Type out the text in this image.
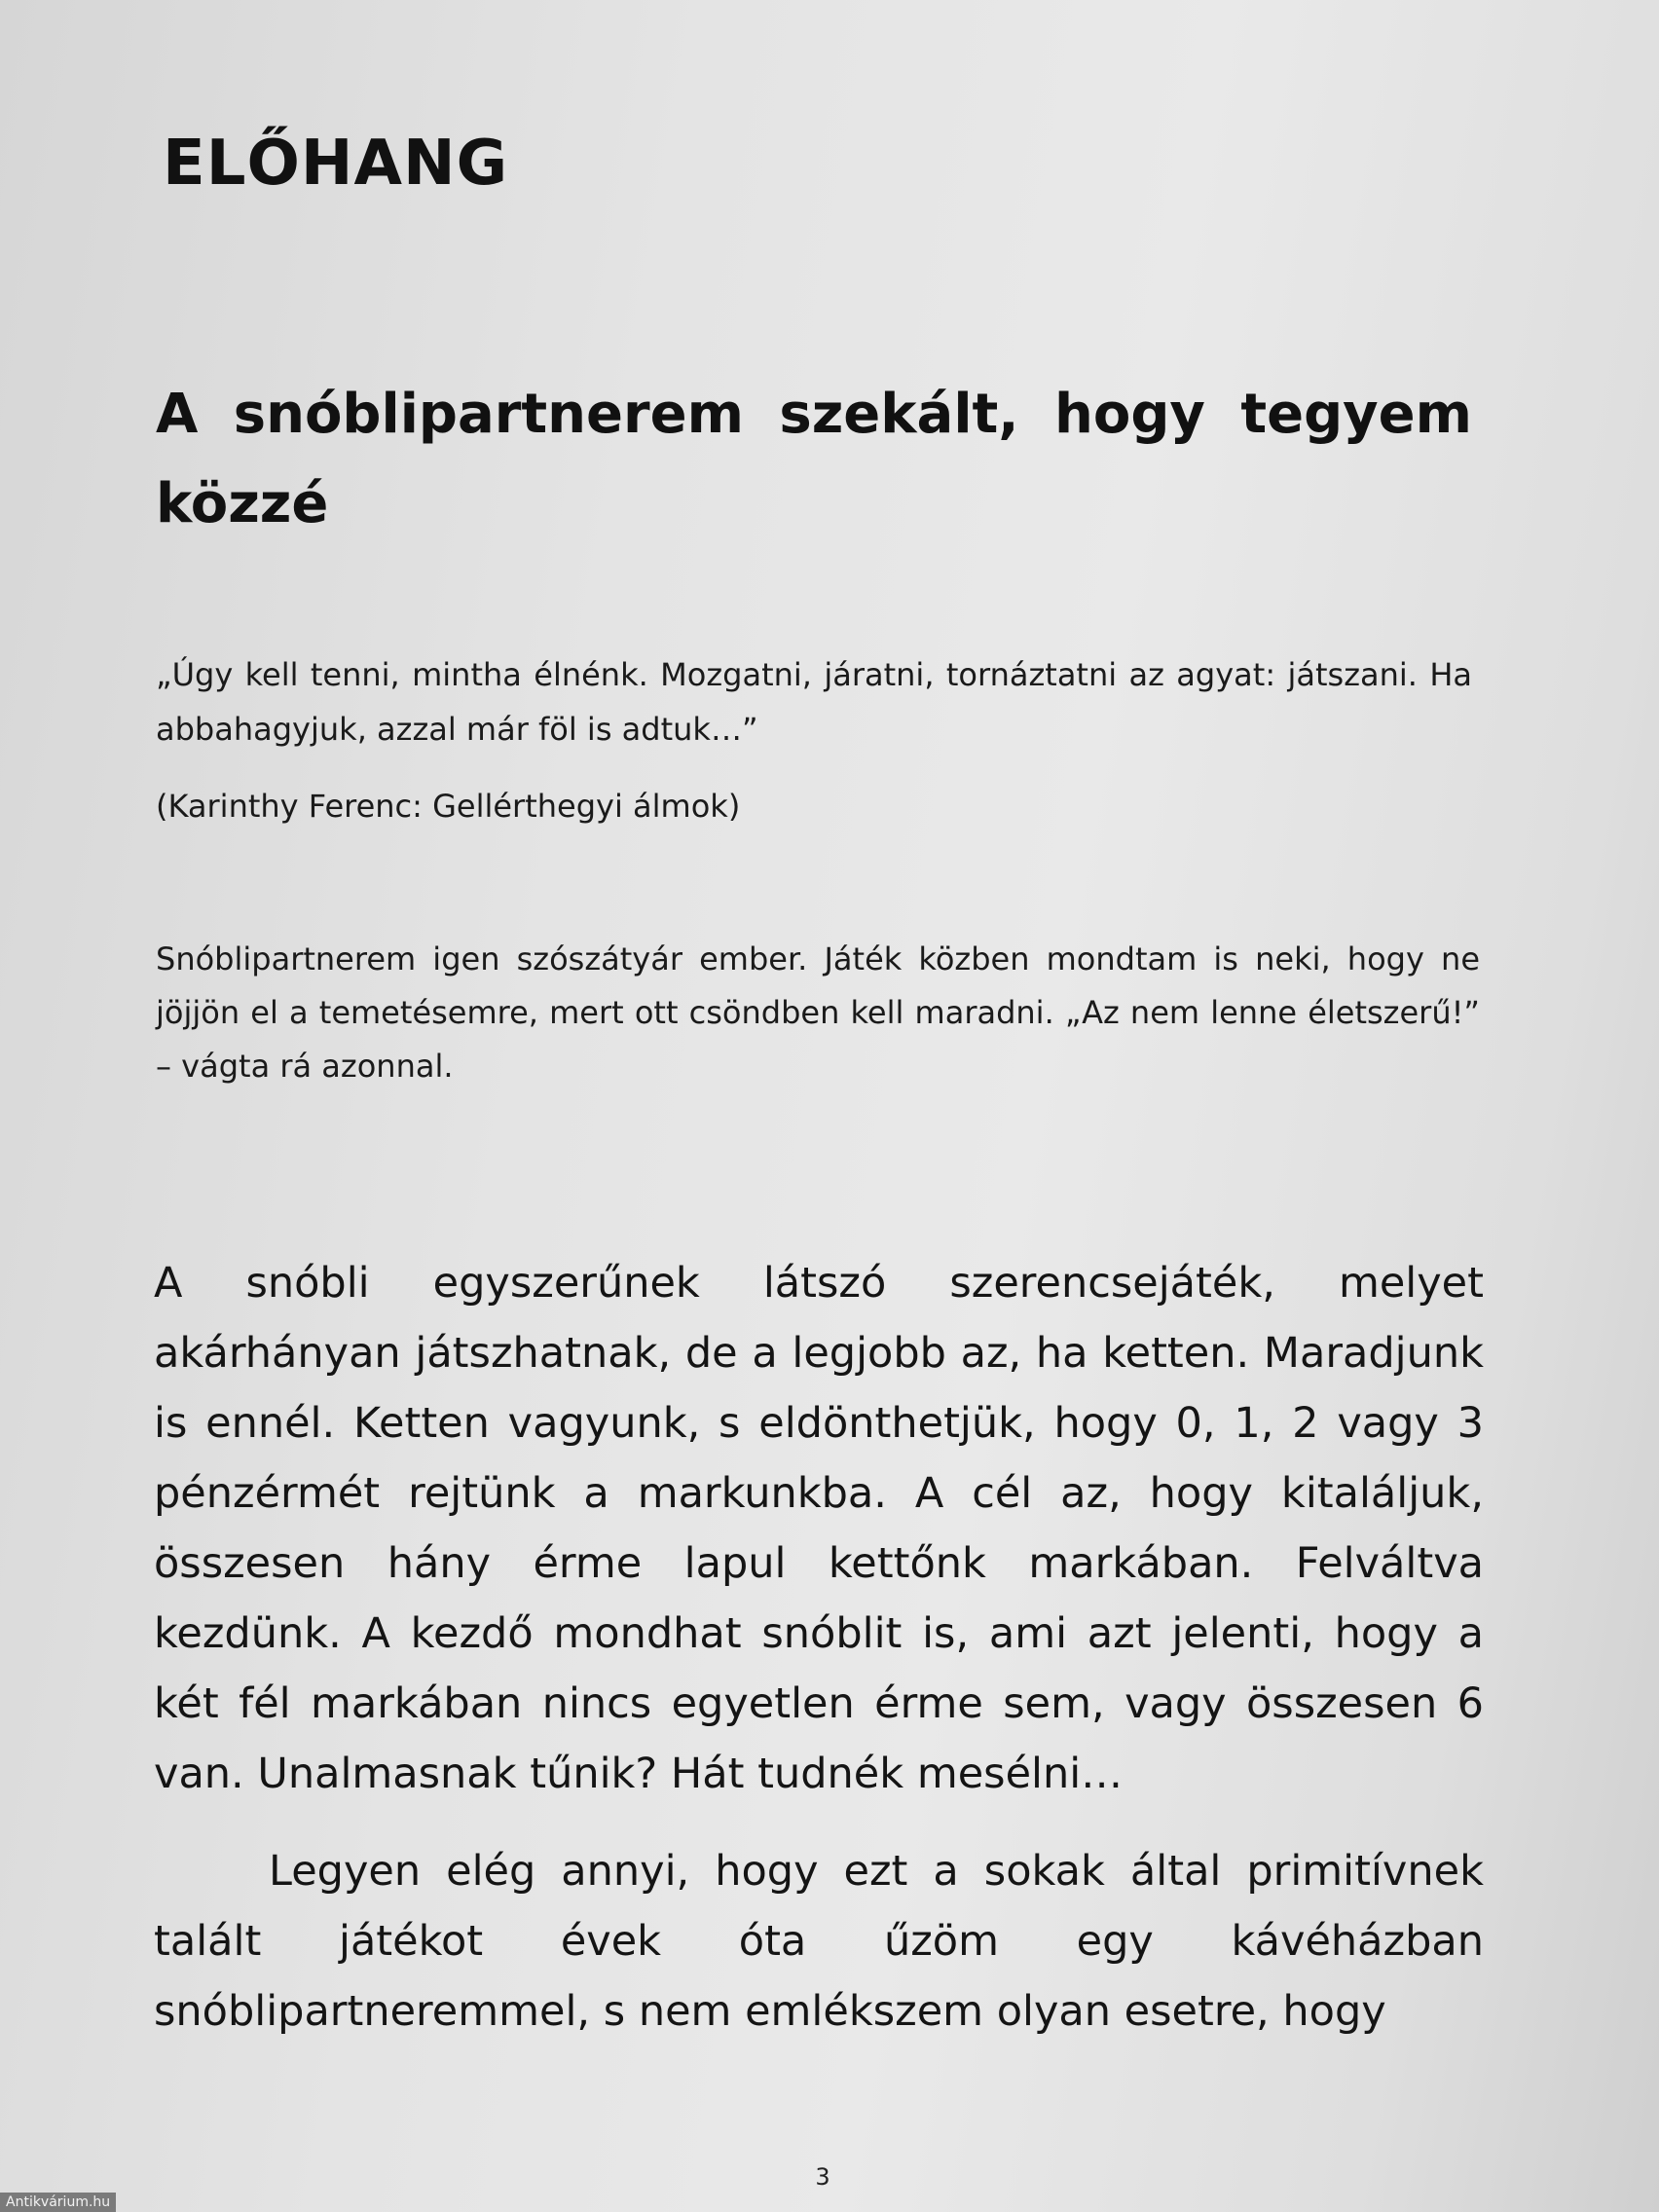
ELŐHANG
A snóblipartnerem szekált, hogy tegyem közzé

„Úgy kell tenni, mintha élnénk. Mozgatni, járatni, tornáztatni az agyat: játszani. Ha abbahagyjuk, azzal már föl is adtuk…”

(Karinthy Ferenc: Gellérthegyi álmok)

Snóblipartnerem igen szószátyár ember. Játék közben mondtam is neki, hogy ne jöjjön el a temetésemre, mert ott csöndben kell maradni. „Az nem lenne életszerű!” – vágta rá azonnal.

A snóbli egyszerűnek látszó szerencsejáték, melyet akárhányan játszhatnak, de a legjobb az, ha ketten. Maradjunk is ennél. Ketten vagyunk, s eldönthetjük, hogy 0, 1, 2 vagy 3 pénzérmét rejtünk a markunkba. A cél az, hogy kitaláljuk, összesen hány érme lapul kettőnk markában. Felváltva kezdünk. A kezdő mondhat snóblit is, ami azt jelenti, hogy a két fél markában nincs egyetlen érme sem, vagy összesen 6 van. Unalmasnak tűnik? Hát tudnék mesélni…

Legyen elég annyi, hogy ezt a sokak által primitívnek talált játékot évek óta űzöm egy kávéházban snóblipartneremmel, s nem emlékszem olyan esetre, hogy

3
Antikvárium.hu
